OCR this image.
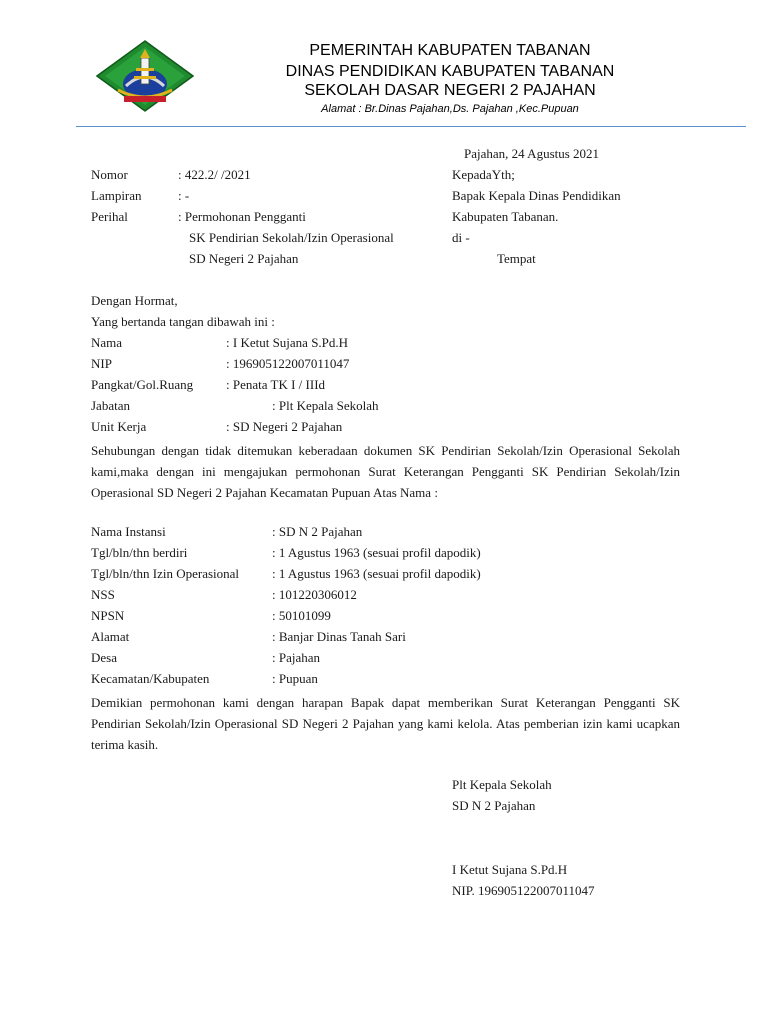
PEMERINTAH KABUPATEN TABANAN
DINAS PENDIDIKAN KABUPATEN TABANAN
SEKOLAH DASAR NEGERI 2 PAJAHAN
Alamat : Br.Dinas Pajahan,Ds. Pajahan ,Kec.Pupuan
Pajahan, 24 Agustus 2021
Nomor	: 422.2/ /2021
Lampiran	: -
Perihal	: Permohonan Pengganti
SK Pendirian Sekolah/Izin Operasional
SD Negeri 2 Pajahan
KepadaYth;
Bapak Kepala Dinas Pendidikan
Kabupaten Tabanan.
di -
Tempat
Dengan Hormat,
Yang bertanda tangan dibawah ini :
Nama	: I Ketut Sujana S.Pd.H
NIP	: 196905122007011047
Pangkat/Gol.Ruang	: Penata TK I / IIId
Jabatan	: Plt Kepala Sekolah
Unit Kerja	: SD Negeri 2 Pajahan
Sehubungan dengan tidak ditemukan keberadaan dokumen SK Pendirian Sekolah/Izin Operasional Sekolah kami,maka dengan ini mengajukan permohonan Surat Keterangan Pengganti SK Pendirian Sekolah/Izin Operasional SD Negeri 2 Pajahan Kecamatan Pupuan Atas Nama :
Nama Instansi	: SD N 2 Pajahan
Tgl/bln/thn berdiri	: 1 Agustus 1963 (sesuai profil dapodik)
Tgl/bln/thn Izin Operasional	: 1 Agustus 1963 (sesuai profil dapodik)
NSS	: 101220306012
NPSN	: 50101099
Alamat	: Banjar Dinas Tanah Sari
Desa	: Pajahan
Kecamatan/Kabupaten	: Pupuan
Demikian permohonan kami dengan harapan Bapak dapat memberikan Surat Keterangan Pengganti SK Pendirian Sekolah/Izin Operasional SD Negeri 2 Pajahan yang kami kelola. Atas pemberian izin kami ucapkan terima kasih.
Plt Kepala Sekolah
SD N 2 Pajahan
I Ketut Sujana S.Pd.H
NIP. 196905122007011047
